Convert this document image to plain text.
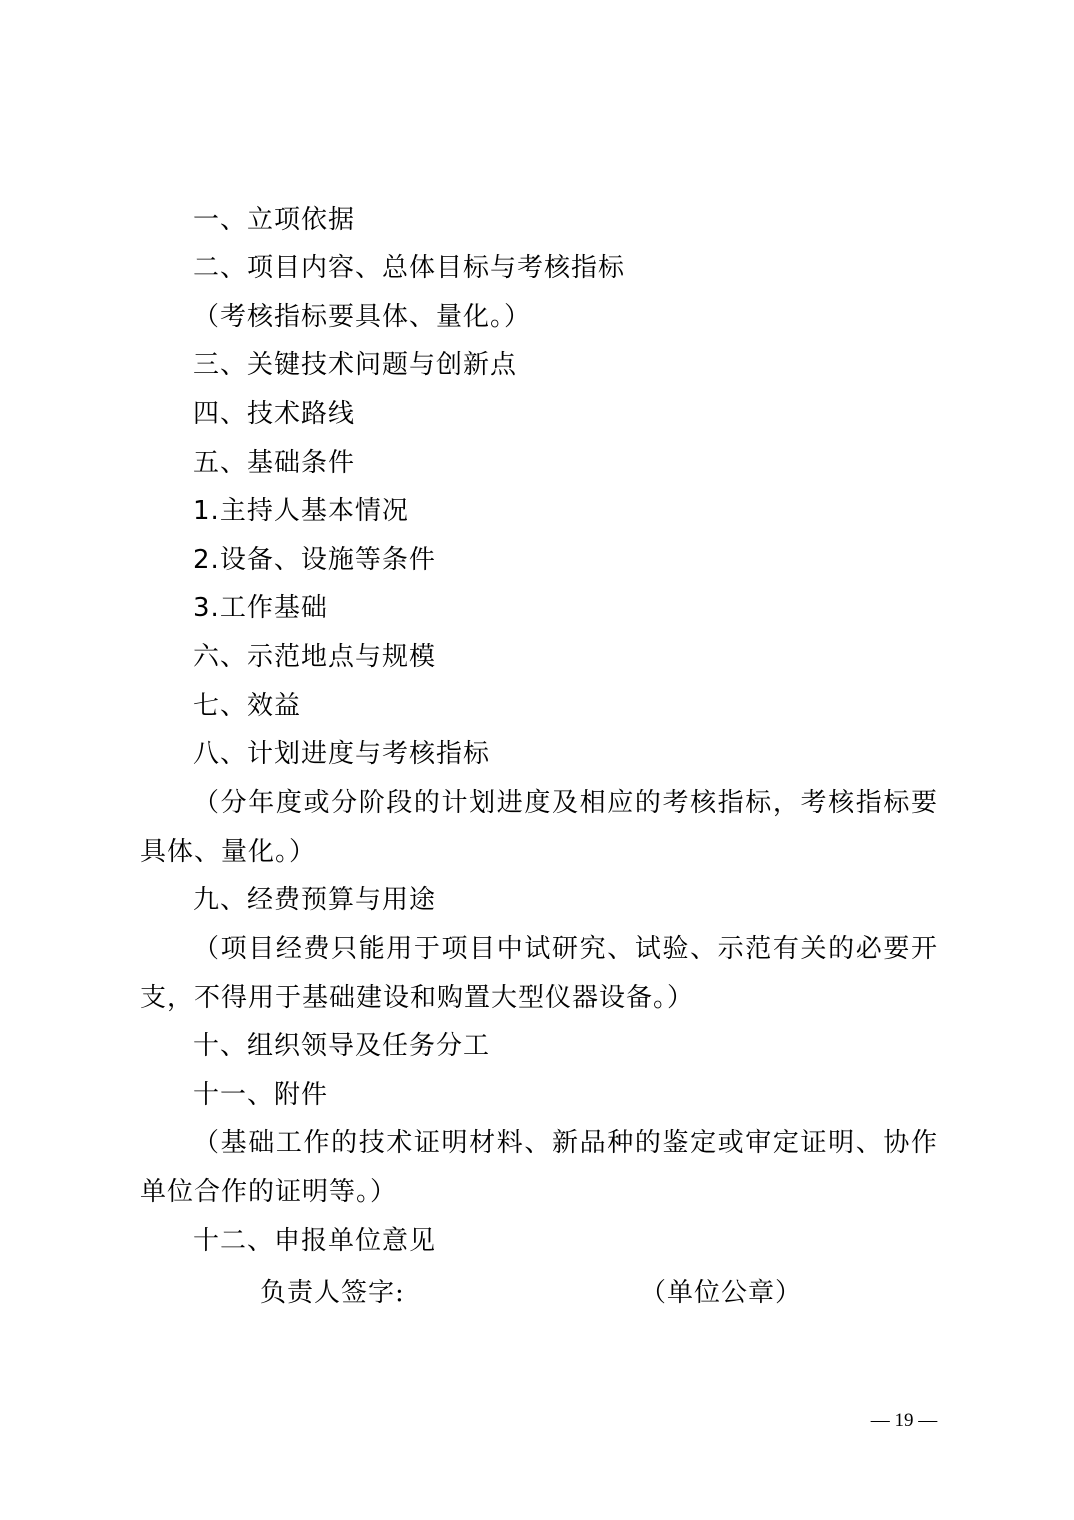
一、立项依据
二、项目内容、总体目标与考核指标
（考核指标要具体、量化。）
三、关键技术问题与创新点
四、技术路线
五、基础条件
1.主持人基本情况
2.设备、设施等条件
3.工作基础
六、示范地点与规模
七、效益
八、计划进度与考核指标
（分年度或分阶段的计划进度及相应的考核指标，考核指标要
具体、量化。）
九、经费预算与用途
（项目经费只能用于项目中试研究、试验、示范有关的必要开
支，不得用于基础建设和购置大型仪器设备。）
十、组织领导及任务分工
十一、附件
（基础工作的技术证明材料、新品种的鉴定或审定证明、协作
单位合作的证明等。）
十二、申报单位意见
负责人签字:	（单位公章）
— 19 —
